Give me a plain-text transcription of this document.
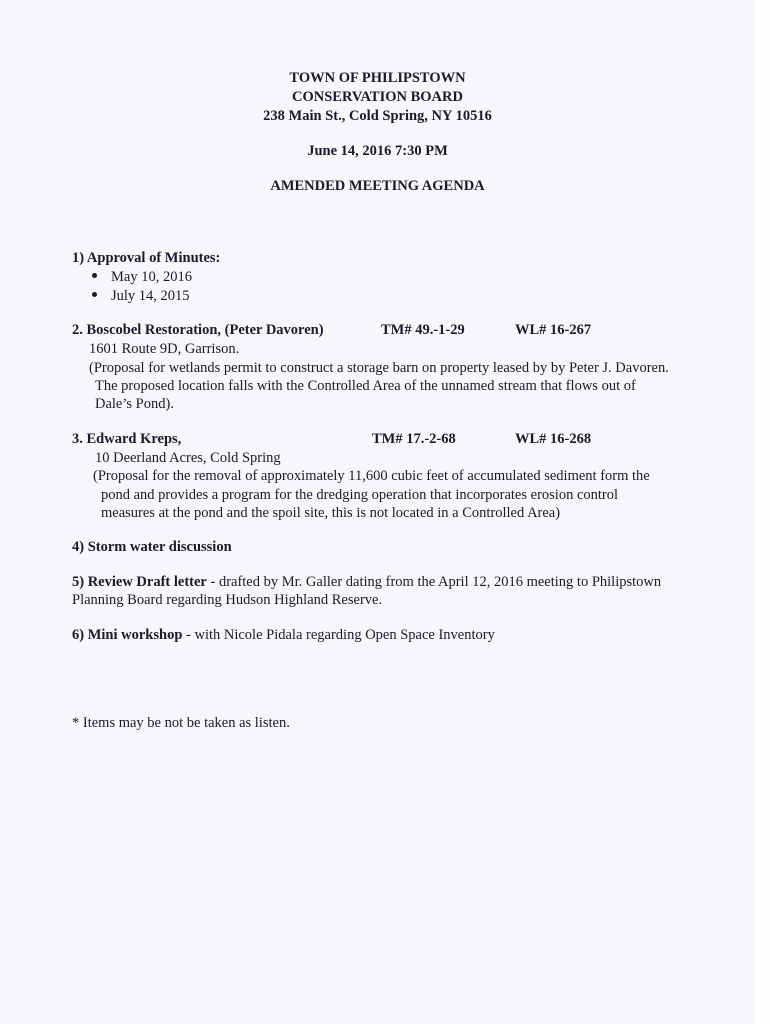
TOWN OF PHILIPSTOWN
CONSERVATION BOARD
238 Main St., Cold Spring, NY 10516
June 14, 2016 7:30 PM
AMENDED MEETING AGENDA
1) Approval of Minutes:
May 10, 2016
July 14, 2015
2. Boscobel Restoration, (Peter Davoren)	TM# 49.-1-29	WL# 16-267
1601 Route 9D, Garrison.
(Proposal for wetlands permit to construct a storage barn on property leased by by Peter J. Davoren.
The proposed location falls with the Controlled Area of the unnamed stream that flows out of
Dale’s Pond).
3. Edward Kreps,	TM# 17.-2-68	WL# 16-268
10 Deerland Acres, Cold Spring
(Proposal for the removal of approximately 11,600 cubic feet of accumulated sediment form the
pond and provides a program for the dredging operation that incorporates erosion control
measures at the pond and the spoil site, this is not located in a Controlled Area)
4) Storm water discussion
5) Review Draft letter - drafted by Mr. Galler dating from the April 12, 2016 meeting to Philipstown
Planning Board regarding Hudson Highland Reserve.
6) Mini workshop - with Nicole Pidala regarding Open Space Inventory
* Items may be not be taken as listen.
